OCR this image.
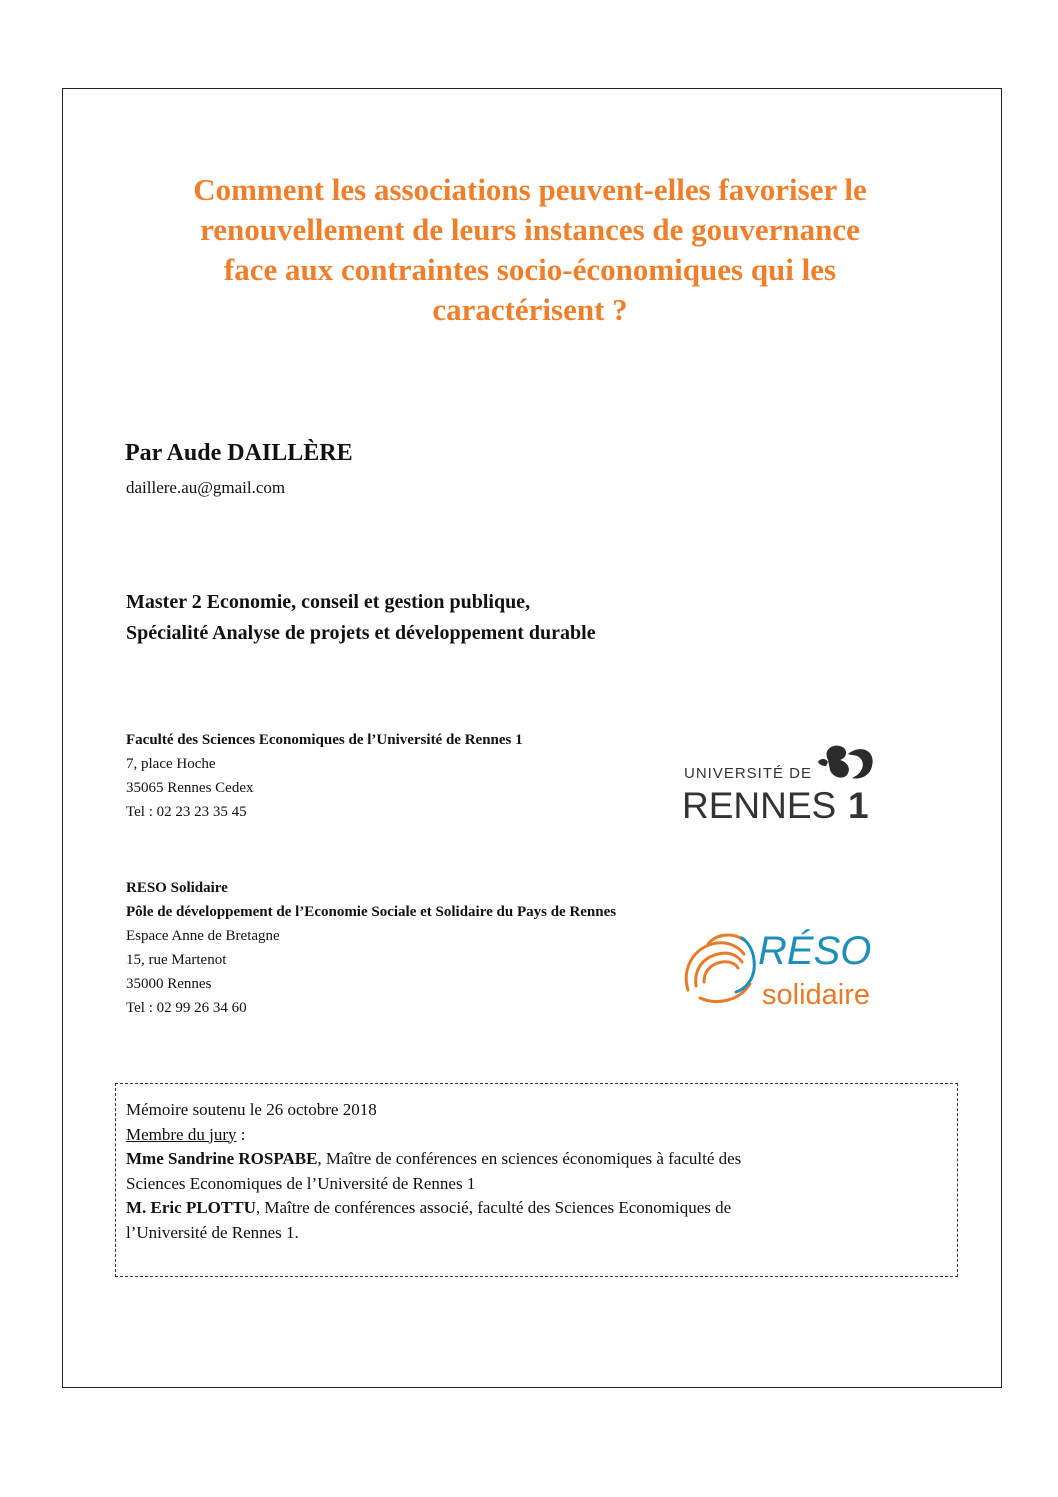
Comment les associations peuvent-elles favoriser le
renouvellement de leurs instances de gouvernance
face aux contraintes socio-économiques qui les
caractérisent ?
Par Aude DAILLÈRE
daillere.au@gmail.com
Master 2 Economie, conseil et gestion publique,
Spécialité Analyse de projets et développement durable
Faculté des Sciences Economiques de l’Université de Rennes 1
7, place Hoche
35065 Rennes Cedex
Tel : 02 23 23 35 45
UNIVERSITÉ DE
RENNES 1
RESO Solidaire
Pôle de développement de l’Economie Sociale et Solidaire du Pays de Rennes
Espace Anne de Bretagne
15, rue Martenot
35000 Rennes
Tel : 02 99 26 34 60
RÉSO
solidaire
Mémoire soutenu le 26 octobre 2018
Membre du jury :
Mme Sandrine ROSPABE, Maître de conférences en sciences économiques à faculté des
Sciences Economiques de l’Université de Rennes 1
M. Eric PLOTTU, Maître de conférences associé, faculté des Sciences Economiques de
l’Université de Rennes 1.
